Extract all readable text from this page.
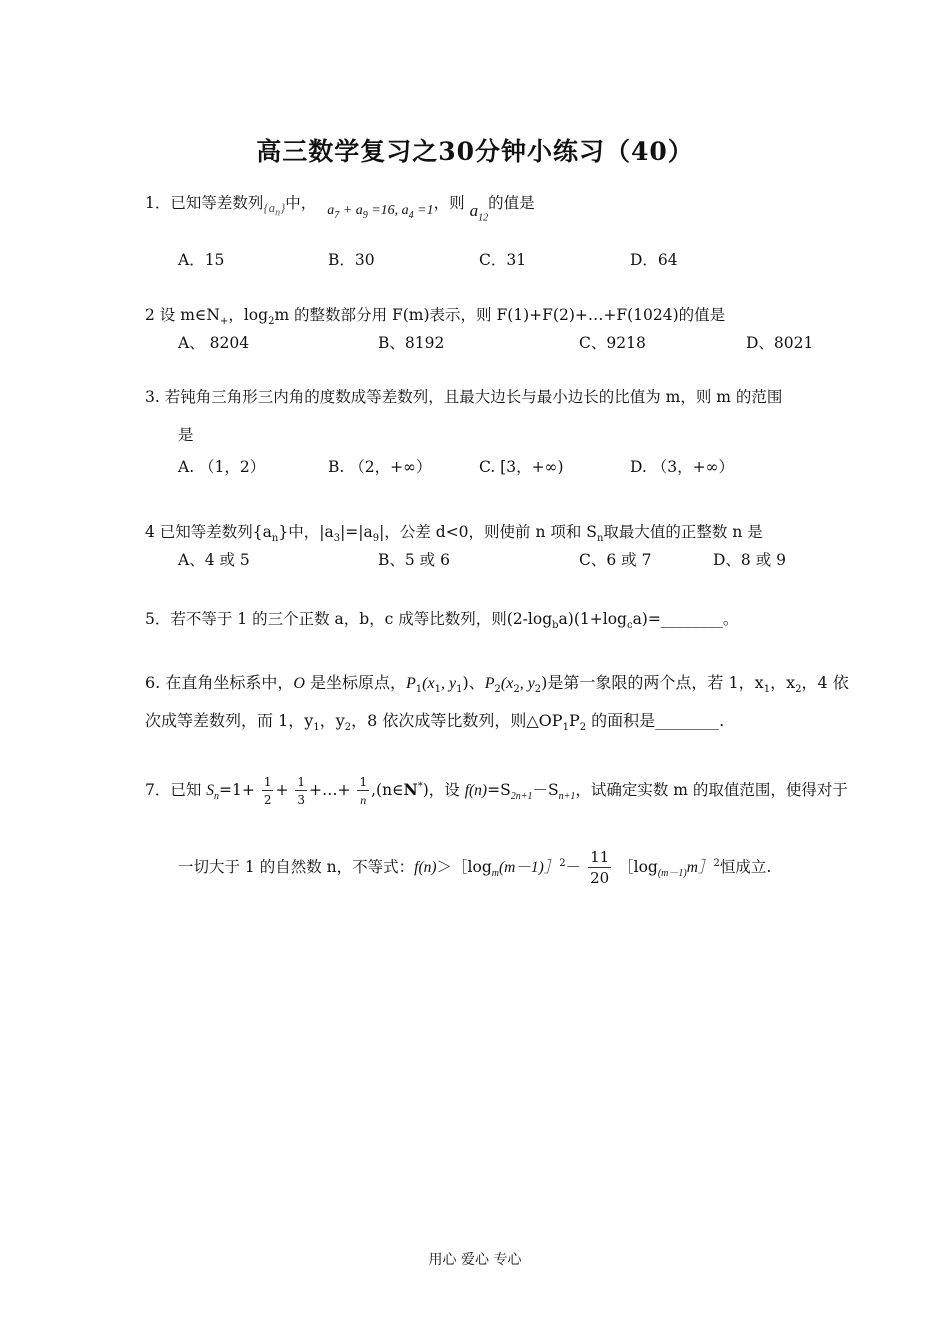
高三数学复习之30分钟小练习（40）
1．已知等差数列$_{\{a_n\}}$中， $a_7 + a_9 =16$, $a_4 =1$，则 $a_{12}$的值是
A．15	B．30	C．31	D．64
2 设 $m\in N_+$，$\log_2m$ 的整数部分用 F(m)表示，则 F(1)+F(2)+…+F(1024)的值是
A、 8204	B、8192	C、9218	D、8021
3. 若钝角三角形三内角的度数成等差数列，且最大边长与最小边长的比值为 m，则 m 的范围
是
A. （1，2）	B. （2，+∞）	C. [3，+∞)	D. （3，+∞）
4 已知等差数列$\{a_n\}$中，$|a_3|=|a_9|$，公差 d<0，则使前 n 项和 $S_n$取最大值的正整数 n 是
A、4 或 5	B、5 或 6	C、6 或 7	D、8 或 9
5．若不等于 1 的三个正数 a，b，c 成等比数列，则$(2-\log_ba)(1+\log_ca)=\_\_\_\_\_\_\_\_$。
6. 在直角坐标系中，O 是坐标原点，$P_1(x_1$, $y_1$)、$P_2(x_2$, $y_2$)是第一象限的两个点，若 1，$x_1$，$x_2$，4 依
次成等差数列，而 1，$y_1$，$y_2$，8 依次成等比数列，则$\triangle OP_1P_2$ 的面积是________.
7．已知 $S_n=1+ \frac{1}{2} + \frac{1}{3}$ +…+ $\frac{1}{n}$ ,(n∈N*)，设 $f(n)=S_{2n+1}-S_{n+1}$，试确定实数 m 的取值范围，使得对于
一切大于 1 的自然数 n，不等式：$f(n)>[\log_m(m-1)]^2- \frac{11}{20}$ $[\log_{(m-1)}m]^2$恒成立.
用心 爱心 专心
